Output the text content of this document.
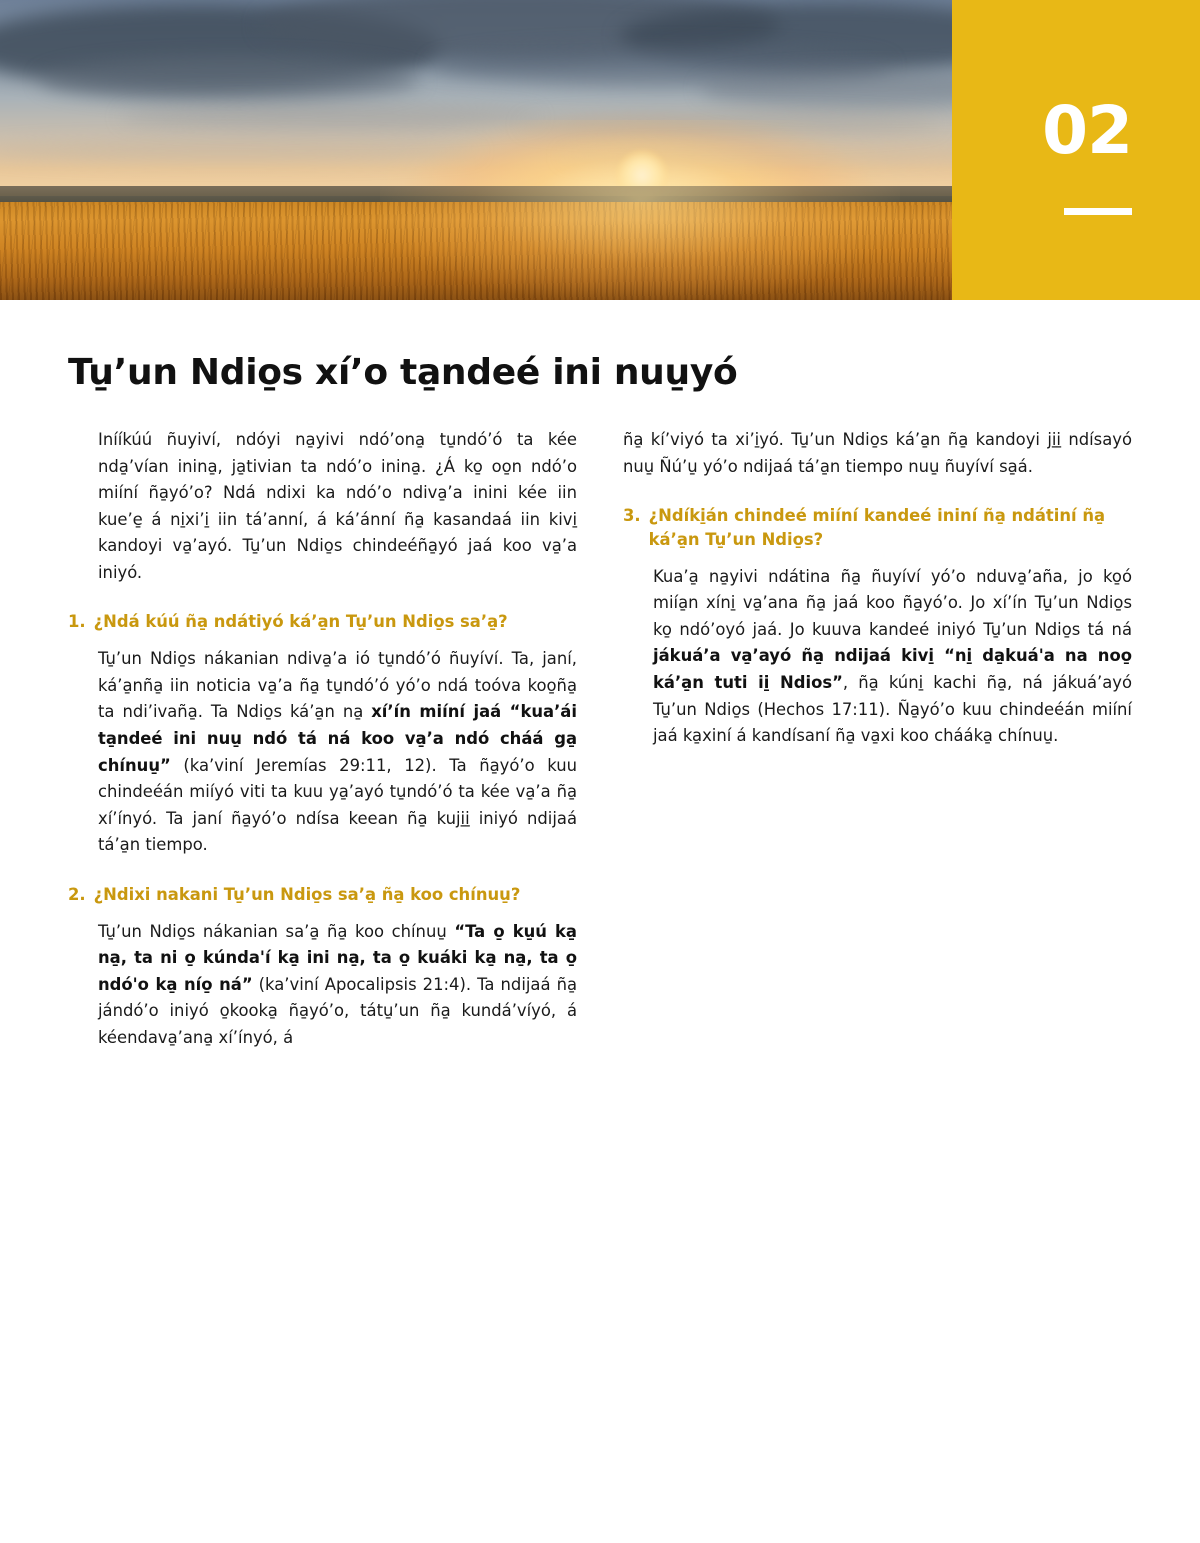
02
Tu̱’un Ndio̱s xí’o ta̱ndeé ini nuu̱yó

Inííkúú ñuyiví, ndóyi na̱yivi ndó’ona̱ tu̱ndó’ó ta kée nda̱’vían inina̱, ja̱tivian ta ndó’o inina̱. ¿Á ko̱ oo̱n ndó’o miíní ña̱yó’o? Ndá ndixi ka ndó’o ndiva̱’a inini kée iin kue’e̱ á ni̱xi’i̱ iin tá’anní, á ká’ánní ña̱ kasandaá iin kivi̱ kandoyi va̱’ayó. Tu̱’un Ndio̱s chindeéña̱yó jaá koo va̱’a iniyó.

1. ¿Ndá kúú ña̱ ndátiyó ká’a̱n Tu̱’un Ndio̱s sa’a̱?

Tu̱’un Ndio̱s nákanian ndiva̱’a ió tu̱ndó’ó ñuyíví. Ta, janí, ká’a̱nña̱ iin noticia va̱’a ña̱ tu̱ndó’ó yó’o ndá toóva koo̱ña̱ ta ndi’ivaña̱. Ta Ndio̱s ká’a̱n na̱ xí’ín miíní jaá “kua’ái ta̱ndeé ini nuu̱ ndó tá ná koo va̱’a ndó cháá ga̱ chínuu̱” (ka’viní Jeremías 29:11, 12). Ta ña̱yó’o kuu chindeéán miíyó viti ta kuu ya̱’ayó tu̱ndó’ó ta kée va̱’a ña̱ xí’ínyó. Ta janí ña̱yó’o ndísa keean ña̱ kuji̱i̱ iniyó ndijaá tá’a̱n tiempo.

2. ¿Ndixi nakani Tu̱’un Ndio̱s sa’a̱ ña̱ koo chínuu̱?

Tu̱’un Ndio̱s nákanian sa’a̱ ña̱ koo chínuu̱ “Ta o̱ ku̱ú ka̱ na̱, ta ni o̱ kúnda'í ka̱ ini na̱, ta o̱ kuáki ka̱ na̱, ta o̱ ndó'o ka̱ nío̱ ná” (ka’viní Apocalipsis 21:4). Ta ndijaá ña̱ jándó’o iniyó o̱kooka̱ ña̱yó’o, tátu̱’un ña̱ kundá’víyó, á kéendava̱’ana̱ xí’ínyó, á

ña̱ kí’viyó ta xi’i̱yó. Tu̱’un Ndio̱s ká’a̱n ña̱ kandoyi ji̱i̱ ndísayó nuu̱ Ñú’u̱ yó’o ndijaá tá’a̱n tiempo nuu̱ ñuyíví sa̱á.

3. ¿Ndíki̱án chindeé miíní kandeé ininí ña̱ ndátiní ña̱ ká’a̱n Tu̱’un Ndio̱s?

Kua’a̱ na̱yivi ndátina ña̱ ñuyíví yó’o nduva̱’aña, jo ko̱ó miía̱n xíni̱ va̱’ana ña̱ jaá koo ña̱yó’o. Jo xí’ín Tu̱’un Ndio̱s ko̱ ndó’oyó jaá. Jo kuuva kandeé iniyó Tu̱’un Ndio̱s tá ná jákuá’a va̱’ayó ña̱ ndijaá kivi̱ “ni̱ da̱kuá'a na noo̱ ká’a̱n tuti ii̱ Ndios”, ña̱ kúni̱ kachi ña̱, ná jákuá’ayó Tu̱’un Ndio̱s (Hechos 17:11). Ña̱yó’o kuu chindeéán miíní jaá ka̱xiní á kandísaní ña̱ va̱xi koo chááka̱ chínuu̱.
